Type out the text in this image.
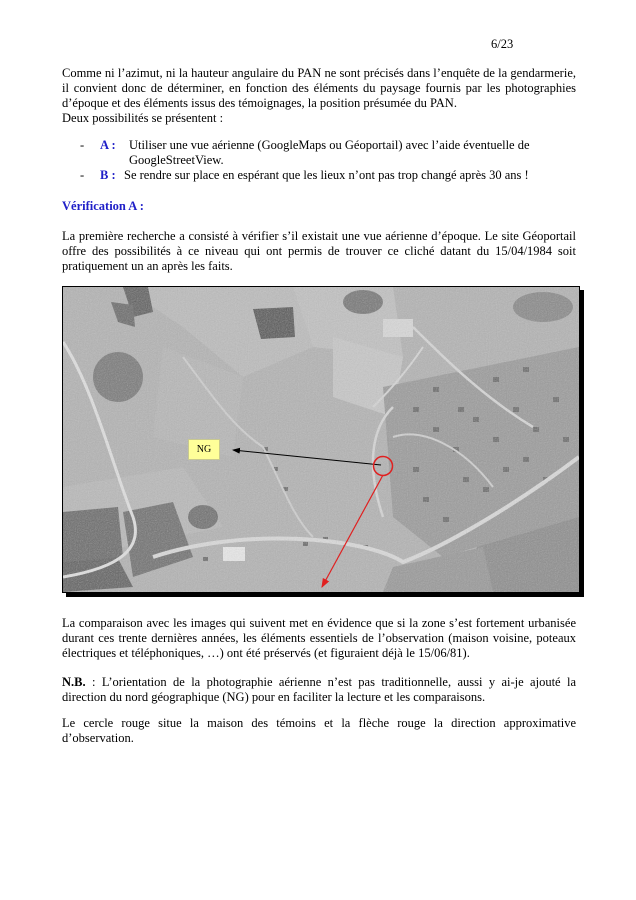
6/23
Comme ni l’azimut, ni la hauteur angulaire du PAN ne sont précisés dans l’enquête de la gendarmerie, il convient donc de déterminer, en fonction des éléments du paysage fournis par les photographies d’époque et des éléments issus des témoignages, la position présumée du PAN.
Deux possibilités se présentent :
- A : Utiliser une vue aérienne (GoogleMaps ou Géoportail) avec l’aide éventuelle de
GoogleStreetView.
- B : Se rendre sur place en espérant que les lieux n’ont pas trop changé après 30 ans !
Vérification A :
La première recherche a consisté à vérifier s’il existait une vue aérienne d’époque. Le site Géoportail offre des possibilités à ce niveau qui ont permis de trouver ce cliché datant du 15/04/1984 soit pratiquement un an après les faits.
NG
La comparaison avec les images qui suivent met en évidence que si la zone s’est fortement urbanisée durant ces trente dernières années, les éléments essentiels de l’observation (maison voisine, poteaux électriques et téléphoniques, …) ont été préservés (et figuraient déjà le 15/06/81).
N.B. : L’orientation de la photographie aérienne n’est pas traditionnelle, aussi y ai-je ajouté la direction du nord géographique (NG) pour en faciliter la lecture et les comparaisons.
Le cercle rouge situe la maison des témoins et la flèche rouge la direction approximative d’observation.
